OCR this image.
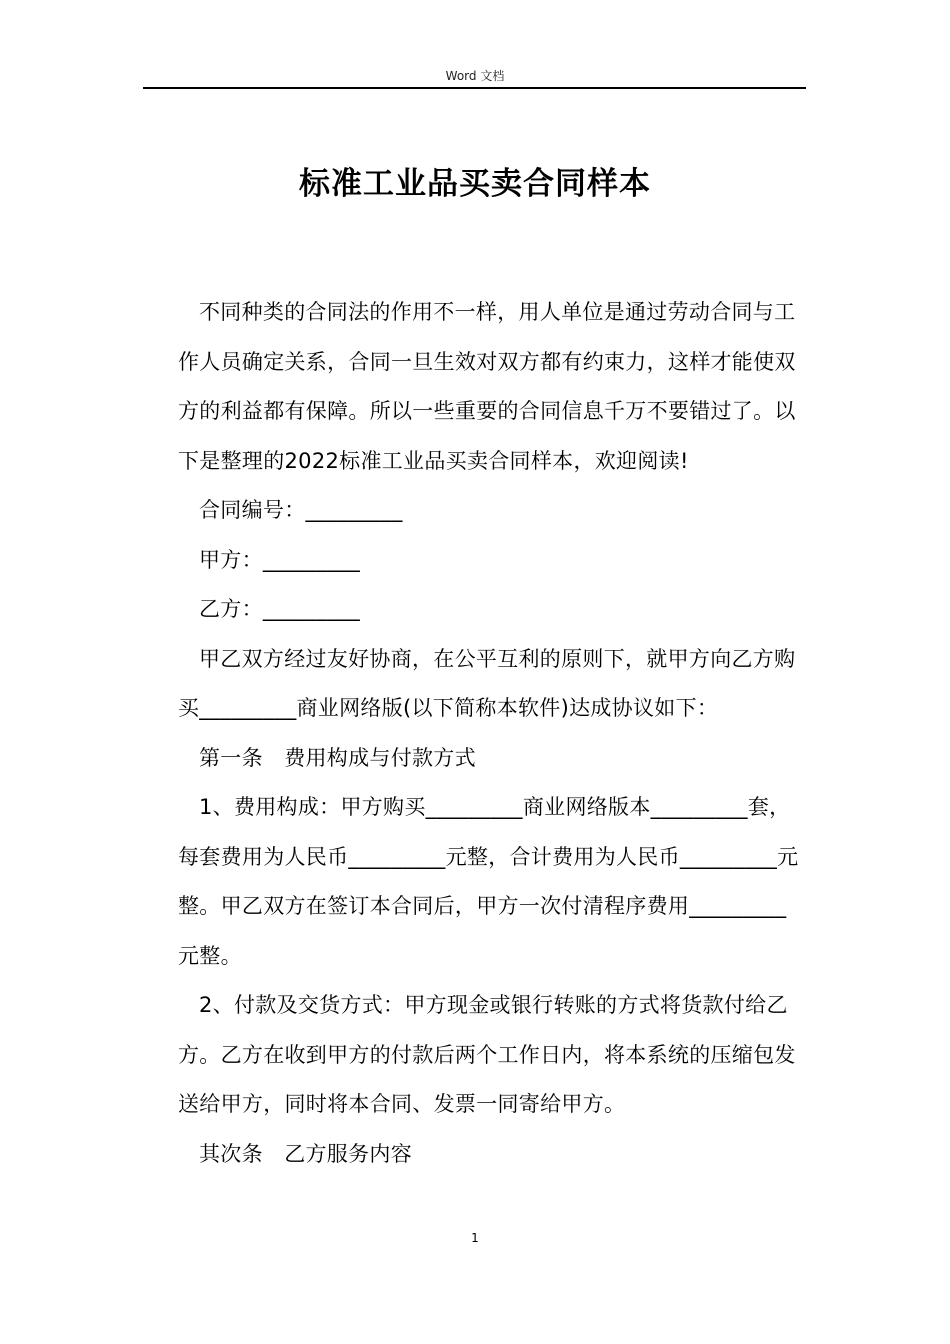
Word 文档
标准工业品买卖合同样本

不同种类的合同法的作用不一样，用人单位是通过劳动合同与工作人员确定关系，合同一旦生效对双方都有约束力，这样才能使双方的利益都有保障。所以一些重要的合同信息千万不要错过了。以下是整理的2022标准工业品买卖合同样本，欢迎阅读!

合同编号：_________

甲方：_________

乙方：_________

甲乙双方经过友好协商，在公平互利的原则下，就甲方向乙方购买_________商业网络版(以下简称本软件)达成协议如下：

第一条　费用构成与付款方式

1、费用构成：甲方购买_________商业网络版本_________套，每套费用为人民币_________元整，合计费用为人民币_________元整。甲乙双方在签订本合同后，甲方一次付清程序费用_________元整。

2、付款及交货方式：甲方现金或银行转账的方式将货款付给乙方。乙方在收到甲方的付款后两个工作日内，将本系统的压缩包发送给甲方，同时将本合同、发票一同寄给甲方。

其次条　乙方服务内容

1
